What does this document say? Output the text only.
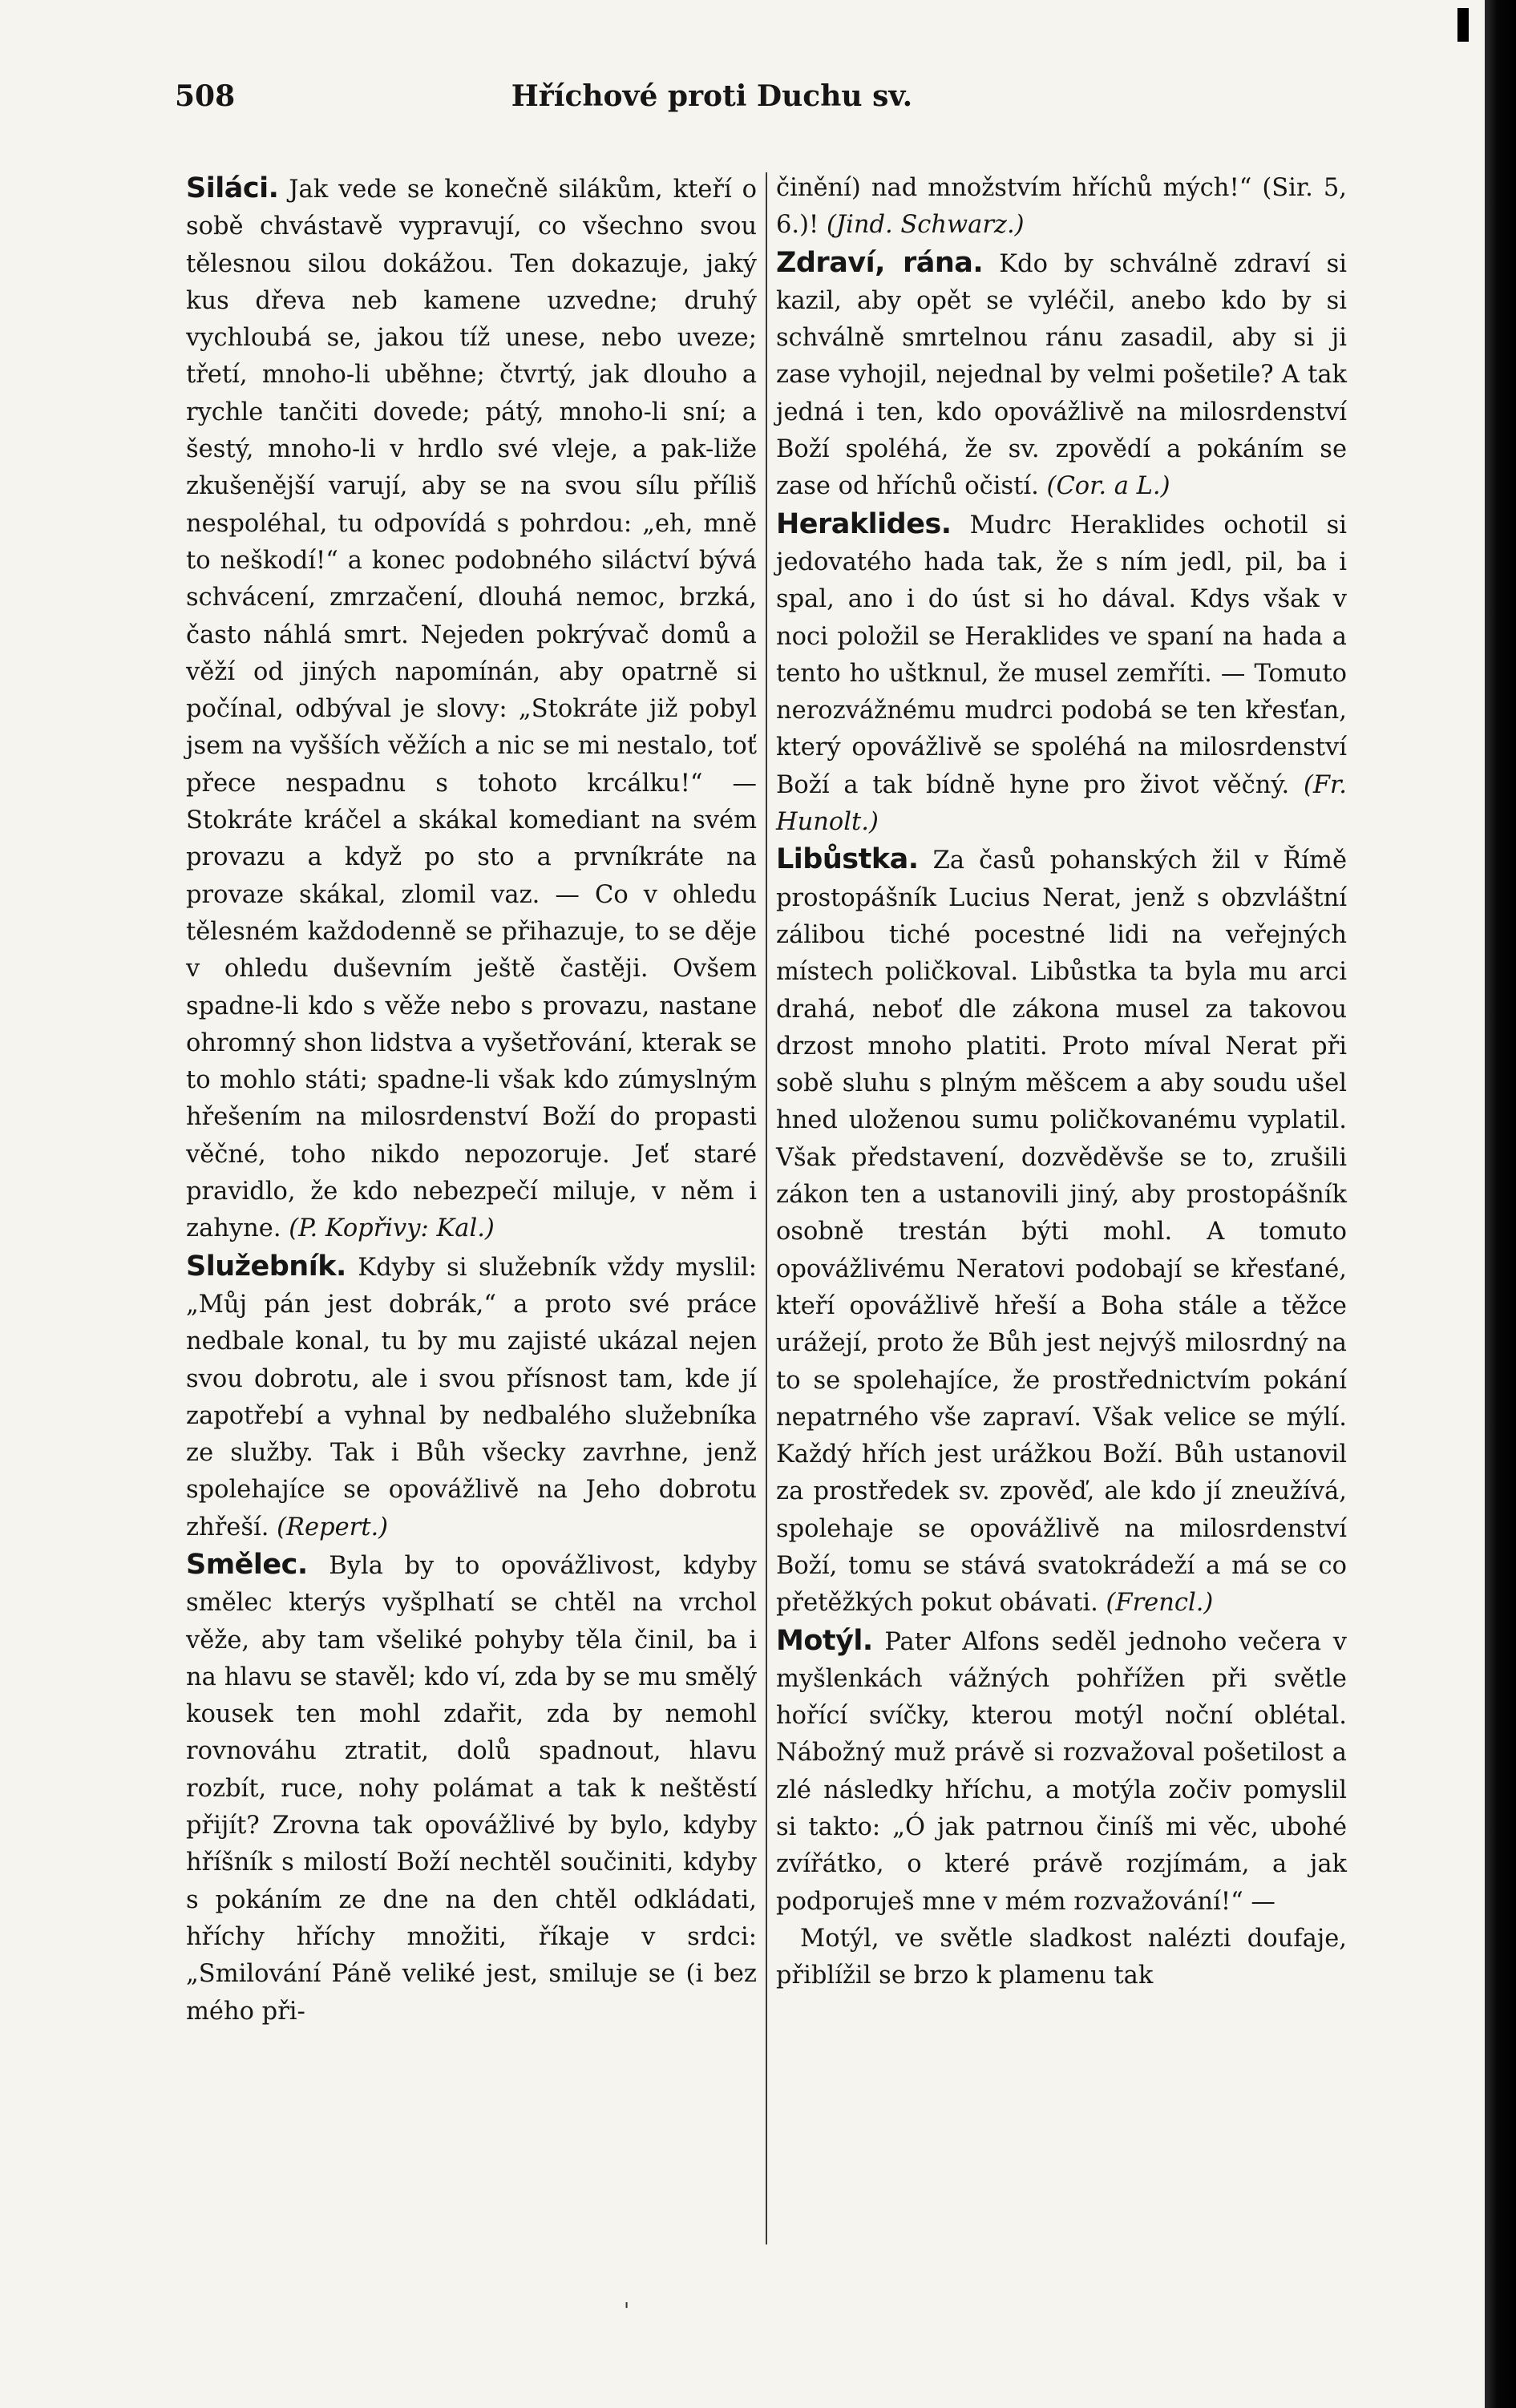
508	Hříchové proti Duchu sv.

Siláci. Jak vede se konečně silákům, kteří o sobě chvástavě vypravují, co všechno svou tělesnou silou dokážou. Ten dokazuje, jaký kus dřeva neb kamene uzvedne; druhý vychloubá se, jakou tíž unese, nebo uveze; třetí, mnoho-li uběhne; čtvrtý, jak dlouho a rychle tančiti dovede; pátý, mnoho-li sní; a šestý, mnoho-li v hrdlo své vleje, a pak-liže zkušenější varují, aby se na svou sílu příliš nespoléhal, tu odpovídá s pohrdou: „eh, mně to neškodí!“ a konec podobného siláctví bývá schvácení, zmrzačení, dlouhá nemoc, brzká, často náhlá smrt. Nejeden pokrývač domů a věží od jiných napomínán, aby opatrně si počínal, odbýval je slovy: „Stokráte již pobyl jsem na vyšších věžích a nic se mi nestalo, toť přece nespadnu s tohoto krcálku!“ — Stokráte kráčel a skákal komediant na svém provazu a když po sto a prvníkráte na provaze skákal, zlomil vaz. — Co v ohledu tělesném každodenně se přihazuje, to se děje v ohledu duševním ještě častěji. Ovšem spadne-li kdo s věže nebo s provazu, nastane ohromný shon lidstva a vyšetřování, kterak se to mohlo státi; spadne-li však kdo zúmyslným hřešením na milosrdenství Boží do propasti věčné, toho nikdo nepozoruje. Jeť staré pravidlo, že kdo nebezpečí miluje, v něm i zahyne. (P. Kopřivy: Kal.)

Služebník. Kdyby si služebník vždy myslil: „Můj pán jest dobrák,“ a proto své práce nedbale konal, tu by mu zajisté ukázal nejen svou dobrotu, ale i svou přísnost tam, kde jí zapotřebí a vyhnal by nedbalého služebníka ze služby. Tak i Bůh všecky zavrhne, jenž spolehajíce se opovážlivě na Jeho dobrotu zhřeší. (Repert.)

Smělec. Byla by to opovážlivost, kdyby smělec kterýs vyšplhatí se chtěl na vrchol věže, aby tam všeliké pohyby těla činil, ba i na hlavu se stavěl; kdo ví, zda by se mu smělý kousek ten mohl zdařit, zda by nemohl rovnováhu ztratit, dolů spadnout, hlavu rozbít, ruce, nohy polámat a tak k neštěstí přijít? Zrovna tak opovážlivé by bylo, kdyby hříšník s milostí Boží nechtěl součiniti, kdyby s pokáním ze dne na den chtěl odkládati, hříchy hříchy množiti, říkaje v srdci: „Smilování Páně veliké jest, smiluje se (i bez mého při-

činění) nad množstvím hříchů mých!“ (Sir. 5, 6.)! (Jind. Schwarz.)

Zdraví, rána. Kdo by schválně zdraví si kazil, aby opět se vyléčil, anebo kdo by si schválně smrtelnou ránu zasadil, aby si ji zase vyhojil, nejednal by velmi pošetile? A tak jedná i ten, kdo opovážlivě na milosrdenství Boží spoléhá, že sv. zpovědí a pokáním se zase od hříchů očistí. (Cor. a L.)

Heraklides. Mudrc Heraklides ochotil si jedovatého hada tak, že s ním jedl, pil, ba i spal, ano i do úst si ho dával. Kdys však v noci položil se Heraklides ve spaní na hada a tento ho uštknul, že musel zemříti. — Tomuto nerozvážnému mudrci podobá se ten křesťan, který opovážlivě se spoléhá na milosrdenství Boží a tak bídně hyne pro život věčný. (Fr. Hunolt.)

Libůstka. Za časů pohanských žil v Římě prostopášník Lucius Nerat, jenž s obzvláštní zálibou tiché pocestné lidi na veřejných místech poličkoval. Libůstka ta byla mu arci drahá, neboť dle zákona musel za takovou drzost mnoho platiti. Proto míval Nerat při sobě sluhu s plným měšcem a aby soudu ušel hned uloženou sumu poličkovanému vyplatil. Však představení, dozvěděvše se to, zrušili zákon ten a ustanovili jiný, aby prostopášník osobně trestán býti mohl. A tomuto opovážlivému Neratovi podobají se křesťané, kteří opovážlivě hřeší a Boha stále a těžce urážejí, proto že Bůh jest nejvýš milosrdný na to se spolehajíce, že prostřednictvím pokání nepatrného vše zapraví. Však velice se mýlí. Každý hřích jest urážkou Boží. Bůh ustanovil za prostředek sv. zpověď, ale kdo jí zneužívá, spolehaje se opovážlivě na milosrdenství Boží, tomu se stává svatokrádeží a má se co přetěžkých pokut obávati. (Frencl.)

Motýl. Pater Alfons seděl jednoho večera v myšlenkách vážných pohřížen při světle hořící svíčky, kterou motýl noční oblétal. Nábožný muž právě si rozvažoval pošetilost a zlé následky hříchu, a motýla zočiv pomyslil si takto: „Ó jak patrnou činíš mi věc, ubohé zvířátko, o které právě rozjímám, a jak podporuješ mne v mém rozvažování!“ —

Motýl, ve světle sladkost nalézti doufaje, přiblížil se brzo k plamenu tak

'
